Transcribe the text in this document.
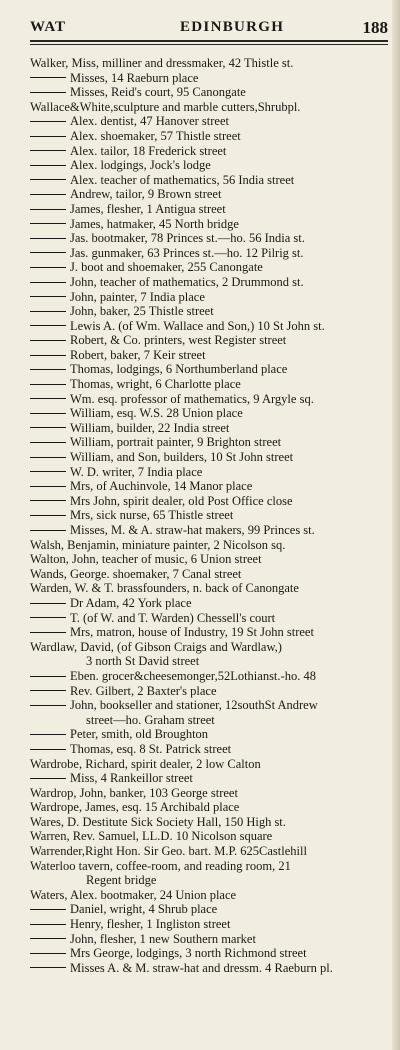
WAT	EDINBURGH	188
Walker, Miss, milliner and dressmaker, 42 Thistle st.
Misses, 14 Raeburn place
Misses, Reid's court, 95 Canongate
Wallace&White,sculpture and marble cutters,Shrubpl.
Alex. dentist, 47 Hanover street
Alex. shoemaker, 57 Thistle street
Alex. tailor, 18 Frederick street
Alex. lodgings, Jock's lodge
Alex. teacher of mathematics, 56 India street
Andrew, tailor, 9 Brown street
James, flesher, 1 Antigua street
James, hatmaker, 45 North bridge
Jas. bootmaker, 78 Princes st.—ho. 56 India st.
Jas. gunmaker, 63 Princes st.—ho. 12 Pilrig st.
J. boot and shoemaker, 255 Canongate
John, teacher of mathematics, 2 Drummond st.
John, painter, 7 India place
John, baker, 25 Thistle street
Lewis A. (of Wm. Wallace and Son,) 10 St John st.
Robert, & Co. printers, west Register street
Robert, baker, 7 Keir street
Thomas, lodgings, 6 Northumberland place
Thomas, wright, 6 Charlotte place
Wm. esq. professor of mathematics, 9 Argyle sq.
William, esq. W.S. 28 Union place
William, builder, 22 India street
William, portrait painter, 9 Brighton street
William, and Son, builders, 10 St John street
W. D. writer, 7 India place
Mrs, of Auchinvole, 14 Manor place
Mrs John, spirit dealer, old Post Office close
Mrs, sick nurse, 65 Thistle street
Misses, M. & A. straw-hat makers, 99 Princes st.
Walsh, Benjamin, miniature painter, 2 Nicolson sq.
Walton, John, teacher of music, 6 Union street
Wands, George. shoemaker, 7 Canal street
Warden, W. & T. brassfounders, n. back of Canongate
Dr Adam, 42 York place
T. (of W. and T. Warden) Chessell's court
Mrs, matron, house of Industry, 19 St John street
Wardlaw, David, (of Gibson Craigs and Wardlaw,)
3 north St David street
Eben. grocer&cheesemonger,52Lothianst.-ho. 48
Rev. Gilbert, 2 Baxter's place
John, bookseller and stationer, 12southSt Andrew
street—ho. Graham street
Peter, smith, old Broughton
Thomas, esq. 8 St. Patrick street
Wardrobe, Richard, spirit dealer, 2 low Calton
Miss, 4 Rankeillor street
Wardrop, John, banker, 103 George street
Wardrope, James, esq. 15 Archibald place
Wares, D. Destitute Sick Society Hall, 150 High st.
Warren, Rev. Samuel, LL.D. 10 Nicolson square
Warrender,Right Hon. Sir Geo. bart. M.P. 625Castlehill
Waterloo tavern, coffee-room, and reading room, 21
Regent bridge
Waters, Alex. bootmaker, 24 Union place
Daniel, wright, 4 Shrub place
Henry, flesher, 1 Ingliston street
John, flesher, 1 new Southern market
Mrs George, lodgings, 3 north Richmond street
Misses A. & M. straw-hat and dressm. 4 Raeburn pl.
